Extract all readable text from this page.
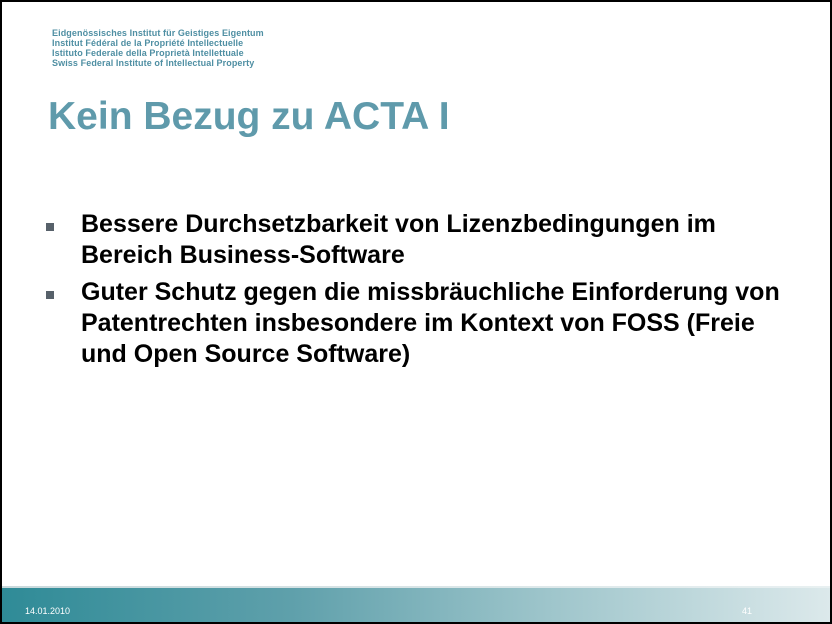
Eidgenössisches Institut für Geistiges Eigentum
Institut Fédéral de la Propriété Intellectuelle
Istituto Federale della Proprietà Intellettuale
Swiss Federal Institute of Intellectual Property
Kein Bezug zu ACTA I
Bessere Durchsetzbarkeit von Lizenzbedingungen im Bereich Business-Software
Guter Schutz gegen die missbräuchliche Einforderung von Patentrechten insbesondere im Kontext von FOSS (Freie und Open Source Software)
14.01.2010	41
